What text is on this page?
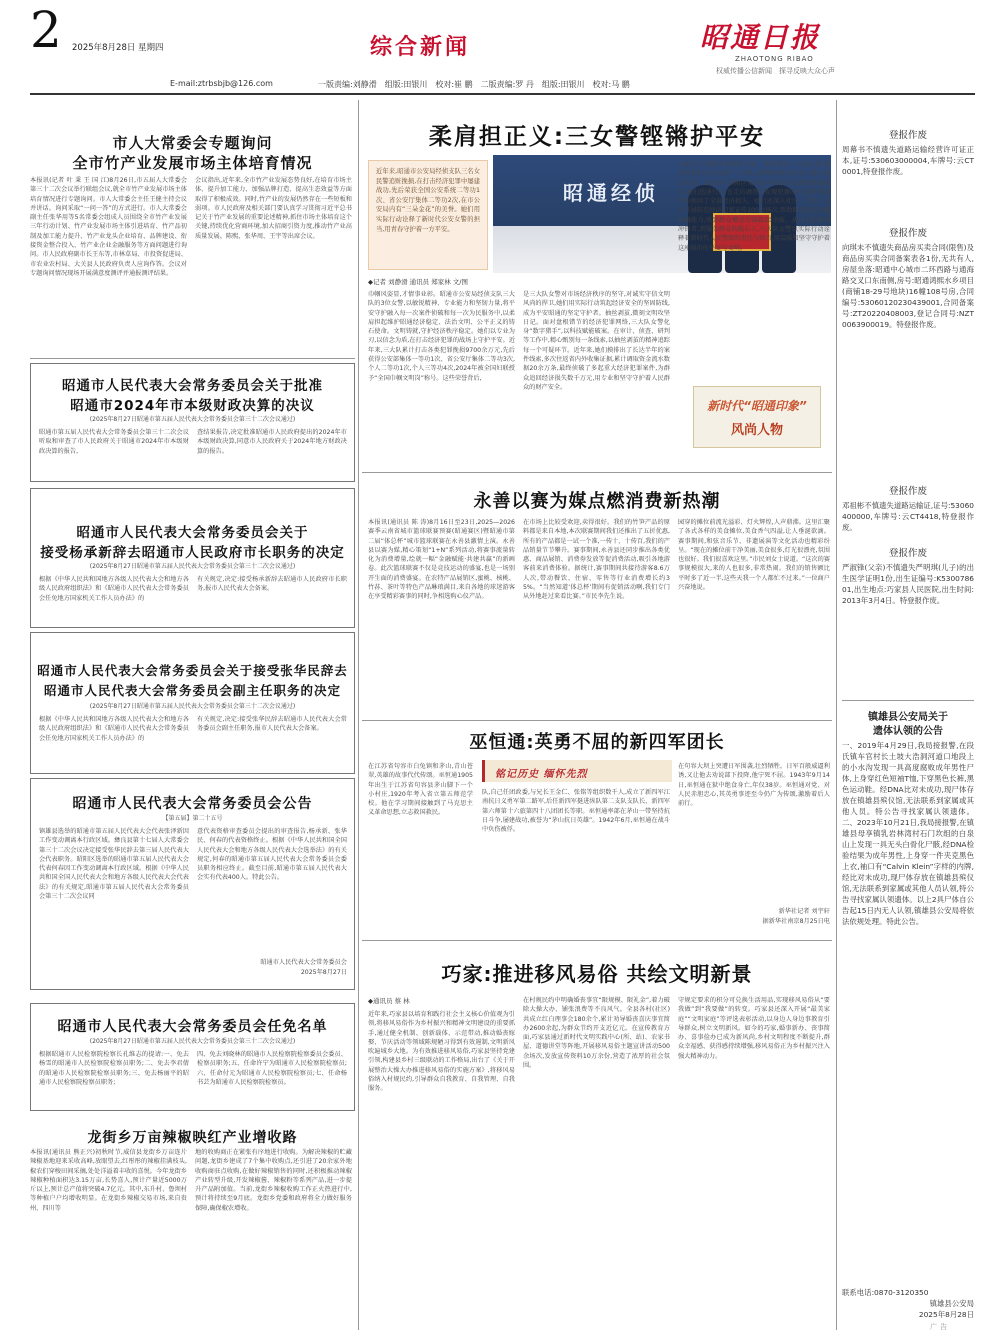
2 2025年8月28日 星期四	综合新闻	昭通日报
ZHAOTONG RIBAO
权威传播公信新闻　探寻反映大众心声
E-mail:ztrbsbjb@126.com	一版责编:刘静滑　组版:田银川　校对:崔 鹏　二版责编:罗 丹　组版:田银川　校对:马 鹏
市人大常委会专题询问
全市竹产业发展市场主体培育情况
本报讯(记者 叶 秉 王 国 江)8月26日,市五届人大常委会第三十二次会议举行联组会议,就全市竹产业发展市场主体培育情况进行专题询问。市人大常委会主任王健主持会议并讲话。询问采取“一问一答”的方式进行。市人大常委会副主任张华用等5名常委会组成人员围绕全市竹产业发展三年行动计划、竹产业发展市场主体引进培育、竹产品初制及加工能力提升、竹产业龙头企业培育、品牌建设、衔接资金整合投入、竹产业企业金融服务等方面问题进行询问。市人民政府副市长王东等,市林草局、市投资促进局、市农业农村局、大关县人民政府负责人应询作答。会议对专题询问情况现场开展满意度测评并通报测评结果。
会议指出,近年来,全市竹产业发展态势良好,在培育市场主体、提升加工能力、加强品牌打造、提高生态效益等方面取得了积极成效。同时,竹产业的发展仍然存在一些短板和弱项。市人民政府及相关部门要认真学习贯彻习近平总书记关于竹产业发展的重要论述精神,抓住市场主体培育这个关键,持续优化营商环境,加大招商引资力度,推动竹产业高质量发展。陈熙、张华周、王宇等出席会议。
昭通市人民代表大会常务委员会关于批准
昭通市2024年市本级财政决算的决议
(2025年8月27日昭通市第五届人民代表大会常务委员会第三十二次会议通过)
昭通市第五届人民代表大会常务委员会第三十二次会议听取和审查了市人民政府关于昭通市2024年市本级财政决算的报告,
查结果报告,决定批准昭通市人民政府提出的2024年市本级财政决算,同意市人民政府关于2024年地方财政决算的报告。
昭通市人民代表大会常务委员会关于
接受杨承新辞去昭通市人民政府市长职务的决定
(2025年8月27日昭通市第五届人民代表大会常务委员会第三十二次会议通过)
根据《中华人民共和国地方各级人民代表大会和地方各级人民政府组织法》和《昭通市人民代表大会常务委员会任免地方国家机关工作人员办法》的
有关规定,决定:接受杨承新辞去昭通市人民政府市长职务,报市人民代表大会备案。
昭通市人民代表大会常务委员会关于接受张华民辞去
昭通市人民代表大会常务委员会副主任职务的决定
(2025年8月27日昭通市第五届人民代表大会常务委员会第三十二次会议通过)
根据《中华人民共和国地方各级人民代表大会和地方各级人民政府组织法》和《昭通市人民代表大会常务委员会任免地方国家机关工作人员办法》的
有关规定,决定:接受张华民辞去昭通市人民代表大会常务委员会副主任职务,报市人民代表大会备案。
昭通市人民代表大会常务委员会公告
【第五届】第二十五号
镇雄县选举的昭通市第五届人民代表大会代表张泽新因工作变动调离本行政区域。彝良县第十七届人大常委会第三十二次会议决定接受张华民辞去第三届人民代表大会代表职务。昭阳区选举的昭通市第五届人民代表大会代表何春因工作变动调离本行政区域。根据《中华人民共和国全国人民代表大会和地方各级人民代表大会代表法》的有关规定,昭通市第五届人民代表大会常务委员会第三十二次会议同
意代表资格审查委员会提出的审查报告,杨承新、张华民、何春的代表资格终止。根据《中华人民共和国全国人民代表大会和地方各级人民代表大会选举法》的有关规定,何春的昭通市第五届人民代表大会常务委员会委员职务相应终止。截至目前,昭通市第五届人民代表大会实有代表400人。特此公告。
昭通市人民代表大会常务委员会
2025年8月27日
昭通市人民代表大会常务委员会任免名单
(2025年8月27日昭通市第五届人民代表大会常务委员会第三十二次会议通过)
根据昭通市人民检察院检察长孔维志的提请:一、免去杨雪的昭通市人民检察院检察员职务;二、免去李君倩的昭通市人民检察院检察员职务;三、免去杨丽平的昭通市人民检察院检察员职务;
四、免去刘晓林的昭通市人民检察院检察委员会委员、检察员职务;五、任命许宁为昭通市人民检察院检察员;六、任命付元为昭通市人民检察院检察员;七、任命杨书芸为昭通市人民检察院检察员。
龙街乡万亩辣椒映红产业增收路
本报讯(通讯员 熊正兴)初秋时节,威信县龙街乡万亩连片辣椒基地迎来采收高峰,放眼望去,红彤彤的辣椒挂满枝头,椒农们穿梭田间采摘,处处洋溢着丰收的喜悦。今年龙街乡辣椒种植面积达3.15万亩,长势喜人,预计产量近5000万斤以上,预计总产值将突破4.7亿元。其中,东升村、鲁坝村等种植户户均增收明显。在龙街乡辣椒交易市场,来自贵州、四川等
地的收购商正在紧张有序地进行收购。为解决辣椒的贮藏问题,龙街乡建成了7个集中收购点,还引进了20余家外地收购商驻点收购,在做好辣椒销售的同时,还积极推动辣椒产业转型升级,开发辣椒酱、辣椒粉等系列产品,进一步提升产品附加值。当前,龙街乡辣椒收购工作正火热进行中,预计将持续至9月底。龙街乡党委和政府将全力做好服务保障,确保椒农增收。
柔肩担正义:三女警铿锵护平安
近年来,昭通市公安局经侦支队三名女民警追赃挽损,在打击经济犯罪中屡建战功,先后荣获全国公安系统二等功1次、省公安厅集体二等功2次,在市公安局内有“三朵金花”的美誉。她们用实际行动诠释了新时代公安女警的担当,用青春守护着一方平安。
昭通经侦
◆记者 刘静滑 通讯员 郑家林 文/图
巾帼风姿显,才情事业彰。昭通市公安局经侦支队三大队的3位女警,以敏锐精神、专业能力和坚韧力量,将平安守护融入每一次案件侦破和每一次为民服务中,以柔肩担起维护昭通经济稳定、法治文明、公平正义的铸石使命。文明铸就,守护经济秩序稳定。她们以专业为刃,以信念为盾,在打击经济犯罪的战场上守护平安。近年来,三大队累计打击各类犯罪挽损9700余万元,先后获得公安部集体一等功1次、省公安厅集体二等功3次,个人二等功1次,个人三等功4次,2024年被全国妇联授予“全国巾帼文明岗”称号。这些荣誉背后,
是三大队女警对市场经济秩序的坚守,对诚实守信文明风尚的捍卫,她们用实际行动筑起经济安全的坚固防线,成为平安昭通的坚定守护者。抽丝剥茧,微刻文明攻坚日记。面对盘根错节的经济犯罪网络,三大队女警化身“数字猎手”,以科技赋能破案。在审计、侦查、研判等工作中,精心甄别每一条线索,以抽丝剥茧的精神追踪每一个可疑环节。近年来,她们摸排出了长达半年的案件线索,多次往返省内外收集证据,累计调取资金流水数据20余万条,最终侦破了多起重大经济犯罪案件,为群众追回经济损失数千万元,用专业和坚守守护着人民群众的财产安全。
心系民生,传递文明温暖力量。“群众的每一分血汗钱,都值得我们全力以赴!”三大队女警始终将为民初心融入执法实践。2023年,昭阳区某果农申请农业贷款时遭遇欺诈,她们迅速行动,在走访调查后发现犯罪团伙,最终帮助果农挽回了全部经济损失。她们还深入社区、学校、企业开展防范经济犯罪宣传100余场次,帮助群众提高识骗防骗能力,收到群众赠送的锦旗20余面。从打击犯罪的冲锋者,到服务群众的暖心人,三大队女警以实际行动诠释着新时代人民警察的责任与担当,用温暖和坚守守护着这座城市的平安与文明。
新时代“昭通印象”
风尚人物
永善以赛为媒点燃消费新热潮
本报讯(通讯员 陈 涛)8月16日至23日,2025—2026赛季云南省城市篮球联赛预赛(昭通赛区)暨昭通市第二届“体总杯”城市篮球联赛在永善县激情上演。永善县以赛为媒,精心策划“1+N”系列活动,将赛事流量转化为消费增量,绘就一幅“金融赋能·共建共赢”的新画卷。此次篮球联赛不仅是竞技运动的盛宴,也是一场别开生面的消费盛宴。在农特产品展销区,蜜桃、核桃、竹荪、茶叶等特色产品琳琅满目,来自各地的球迷游客在享受精彩赛事的同时,争相选购心仪产品。
在市场上比较受欢迎,卖得很好。我们的竹笋产品的原料都是来自本地,本次联赛期间我们还推出了五折优惠,所有的产品都是一试一个准,一传十、十传百,我们的产品销量节节攀升。赛事期间,永善县还同步推出各类优惠、商品展销、消费券发放等促消费活动,吸引各地游客前来消费体验。据统计,赛事期间共接待游客8.6万人次,带动餐饮、住宿、零售等行业消费增长约35%。“当然知道‘体总杯’期间有促销活动啊,我们专门从外地赶过来看比赛。”市民李先生说。
园穿的摊位前流光溢彩、灯火辉煌,人声鼎沸。这里汇聚了各式各样的美食摊位,美食香气四溢,让人垂涎欲滴。赛事期间,和弦音乐节、非遗展演等文化活动也精彩纷呈。“现在的摊位前干净美丽,美食很多,灯光很漂亮,氛围也很好。我们很喜欢这里。”市民刘女士说道。“这次的赛事规模很大,来的人也很多,非常热闹。我们的销售额比平时多了近一半,这些天我一个人都忙不过来。”一位商户兴奋地说。
巫恒通:英勇不屈的新四军团长
在江苏省句容市白兔镇和茅山,青山苍翠,英雄的故事代代传颂。巫恒通1905年出生于江苏省句容县茅山脚下一个小村庄,1920年考入省立第五师范学校。他在学习期间接触到了马克思主义革命思想,立志救国救民。
铭记历史 缅怀先烈
队,自己任团政委,与兄长王金仁、张铭等组织数千人,成立了新四军江南抗日义勇军第二路军,后任新四军挺进纵队第二支队支队长、新四军第六师第十六旅第四十八团团长等职。巫恒通率部在茅山一带坚持抗日斗争,屡建战功,被誉为“茅山抗日英雄”。1942年6月,巫恒通在战斗中负伤被俘。
在句容大坝上突遭日军围袭,壮烈牺牲。日军百般威逼利诱,又让他去劝说部下投降,他宁死不屈。1943年9月14日,巫恒通在狱中绝食身亡,年仅38岁。巫恒通对党、对人民赤胆忠心,其英勇事迹至今仍广为传颂,激励着后人前行。
新华社记者 刘宇轩
据新华社南京8月25日电
巧家:推进移风易俗 共绘文明新景
◆通讯员 蔡 林
近年来,巧家县以培育和践行社会主义核心价值观为引领,将移风易俗作为乡村振兴和精神文明建设的重要抓手,通过健全机制、创新载体、示范带动,推动婚丧嫁娶、节庆活动等领域陈规陋习得到有效遏制,文明新风吹遍城乡大地。为有效推进移风易俗,巧家县坚持党建引领,构建县乡村三级联动的工作格局,出台了《关于开展整治大操大办推进移风易俗的实施方案》,将移风易俗纳入村规民约,引导群众自我教育、自我管理、自我服务。
在村规民约中明确婚丧事宜“限规模、限礼金”,着力破除大操大办、铺张浪费等不良风气。全县各村(社区)共成立红白理事会180余个,累计劝导婚丧喜庆事宜简办2600余起,为群众节约开支近亿元。在宣传教育方面,巧家县通过新时代文明实践中心(所、站)、农家书屋、道德讲堂等阵地,开展移风易俗主题宣讲活动500余场次,发放宣传资料10万余份,营造了浓厚的社会氛围。
守规定要求的积分可兑换生活用品,实现移风易俗从“要我做”到“我要做”的转变。巧家县还深入开展“最美家庭”“文明家庭”等评选表彰活动,以身边人身边事教育引导群众,树立文明新风。如今的巧家,婚事新办、丧事简办、喜事俭办已成为新风尚,乡村文明程度不断提升,群众幸福感、获得感持续增强,移风易俗正为乡村振兴注入强大精神动力。
登报作废
周幕书不慎遗失道路运输经营许可证正本,证号:530603000004,车牌号:云CT0001,特登报作废。
登报作废
向琪未不慎遗失商品房买卖合同(限售)及商品房买卖合同备案表各1份,无共有人,房屋坐落:昭通中心城市二环西路与通海路交叉口东南侧,房号:昭通鸿熙水乡项目(商铺18-29号地块)16幢108号房,合同编号:53060120230439001,合同备案号:ZT20220408003,登记合同号:NZT0063900019。特登报作废。
登报作废
邓祖彬不慎遗失道路运输证,证号:53060400000,车牌号:云CT4418,特登报作废。
登报作废
严淑锋(父亲)不慎遗失严明琪(儿子)的出生医学证明1份,出生证编号:K530078601,出生地点:巧家县人民医院,出生时间:2013年3月4日。特登报作废。
镇雄县公安局关于
遗体认领的公告
一、2019年4月29日,我局接报警,在段氏镇车官村长土坡大浩洞河道口地段上的小水沟发现一具高度腐败成年男性尸体,上身穿红色短袖T恤,下穿黑色长裤,黑色运动鞋。经DNA比对未成功,现尸体存放在镇雄县殡仪馆,无法联系到家属或其他人员。特公告寻找家属认领遗体。二、2023年10月21日,我局接报警,在镇雄县母享镇乳岩林湾村石门坎组的白泉山上发现一具无头白骨化尸骸,经DNA检验结果为成年男性,上身穿一件夹克黑色上衣,袖口有“Calvin Klein”字样的内牌,经比对未成功,现尸体存放在镇雄县殡仪馆,无法联系到家属或其他人员认领,特公告寻找家属认领遗体。以上2具尸体自公告起15日内无人认领,镇雄县公安局将依法依规处理。特此公告。
联系电话:0870-3120350
镇雄县公安局
2025年8月28日
广告
